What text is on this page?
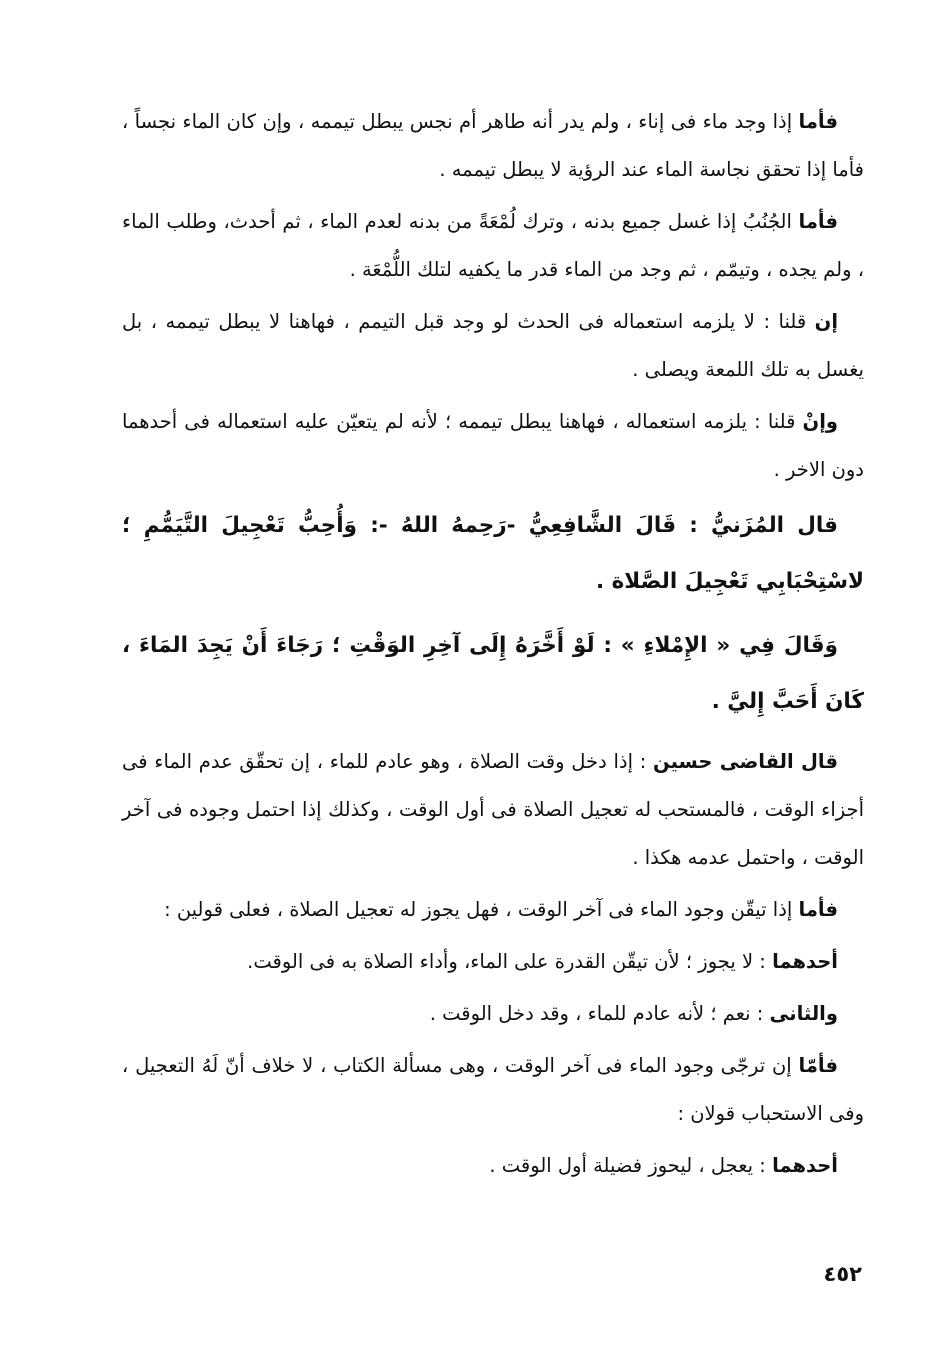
فأما إذا وجد ماء فى إناء ، ولم يدر أنه طاهر أم نجس يبطل تيممه ، وإن كان الماء نجساً ، فأما إذا تحقق نجاسة الماء عند الرؤية لا يبطل تيممه .

فأما الجُنُبُ إذا غسل جميع بدنه ، وترك لُمْعَةً من بدنه لعدم الماء ، ثم أحدث، وطلب الماء ، ولم يجده ، وتيمّم ، ثم وجد من الماء قدر ما يكفيه لتلك اللُّمْعَة .

إن قلنا : لا يلزمه استعماله فى الحدث لو وجد قبل التيمم ، فهاهنا لا يبطل تيممه ، بل يغسل به تلك اللمعة ويصلى .

وإنْ قلنا : يلزمه استعماله ، فهاهنا يبطل تيممه ؛ لأنه لم يتعيّن عليه استعماله فى أحدهما دون الاخر .

قال المُزَنيُّ : قَالَ الشَّافِعِيُّ -رَحِمهُ اللهُ -: وَأُحِبُّ تَعْجِيلَ التَّيَمُّمِ ؛ لاسْتِحْبَابِي تَعْجِيلَ الصَّلاة .

وَقَالَ فِي « الإِمْلاءِ » : لَوْ أَخَّرَهُ إِلَى آخِرِ الوَقْتِ ؛ رَجَاءَ أَنْ يَجِدَ المَاءَ ، كَانَ أَحَبَّ إِليَّ .

قال القاضى حسين : إذا دخل وقت الصلاة ، وهو عادم للماء ، إن تحقّق عدم الماء فى أجزاء الوقت ، فالمستحب له تعجيل الصلاة فى أول الوقت ، وكذلك إذا احتمل وجوده فى آخر الوقت ، واحتمل عدمه هكذا .

فأما إذا تيقّن وجود الماء فى آخر الوقت ، فهل يجوز له تعجيل الصلاة ، فعلى قولين :

أحدهما : لا يجوز ؛ لأن تيقّن القدرة على الماء، وأداء الصلاة به فى الوقت.

والثانى : نعم ؛ لأنه عادم للماء ، وقد دخل الوقت .

فأمّا إن ترجّى وجود الماء فى آخر الوقت ، وهى مسألة الكتاب ، لا خلاف أنّ لَهُ التعجيل ، وفى الاستحباب قولان :

أحدهما : يعجل ، ليحوز فضيلة أول الوقت .

٤٥٢
